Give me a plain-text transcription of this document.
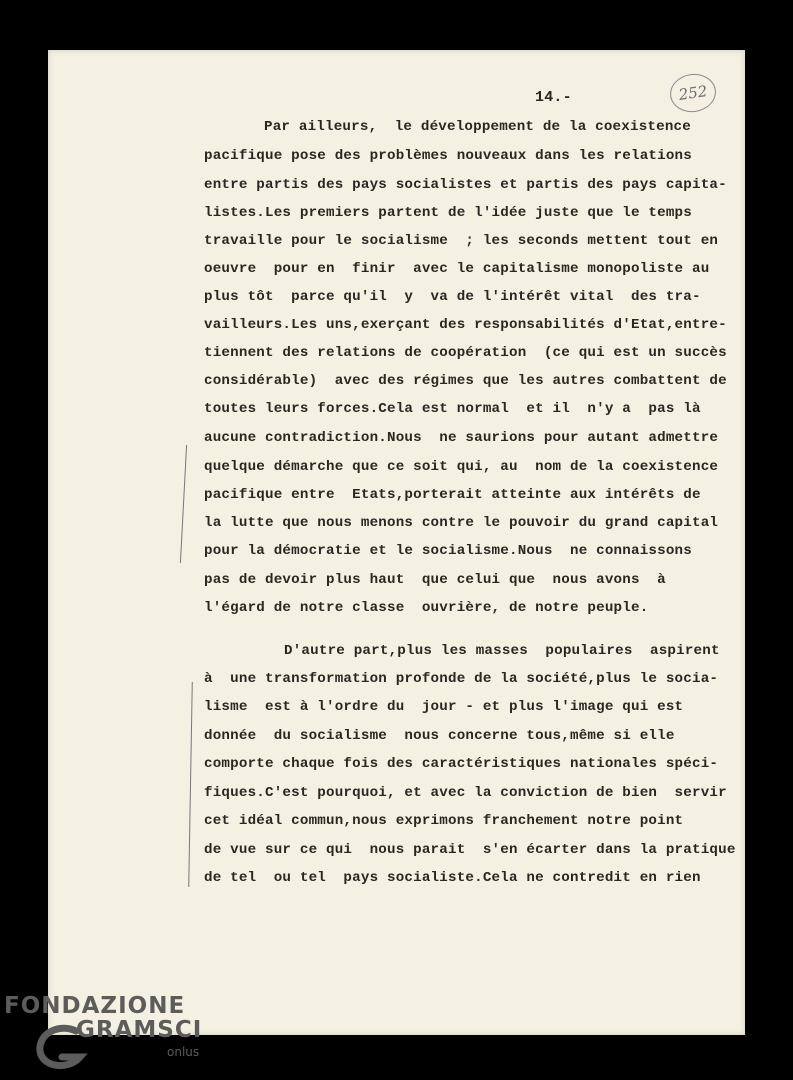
14.-	252
Par ailleurs,  le développement de la coexistence
pacifique pose des problèmes nouveaux dans les relations
entre partis des pays socialistes et partis des pays capita-
listes.Les premiers partent de l'idée juste que le temps
travaille pour le socialisme  ; les seconds mettent tout en
oeuvre  pour en  finir  avec le capitalisme monopoliste au
plus tôt  parce qu'il  y  va de l'intérêt vital  des tra-
vailleurs.Les uns,exerçant des responsabilités d'Etat,entre-
tiennent des relations de coopération  (ce qui est un succès
considérable)  avec des régimes que les autres combattent de
toutes leurs forces.Cela est normal  et il  n'y a  pas là
aucune contradiction.Nous  ne saurions pour autant admettre
quelque démarche que ce soit qui, au  nom de la coexistence
pacifique entre  Etats,porterait atteinte aux intérêts de
la lutte que nous menons contre le pouvoir du grand capital
pour la démocratie et le socialisme.Nous  ne connaissons
pas de devoir plus haut  que celui que  nous avons  à
l'égard de notre classe  ouvrière, de notre peuple.
D'autre part,plus les masses  populaires  aspirent
à  une transformation profonde de la société,plus le socia-
lisme  est à l'ordre du  jour - et plus l'image qui est
donnée  du socialisme  nous concerne tous,même si elle
comporte chaque fois des caractéristiques nationales spéci-
fiques.C'est pourquoi, et avec la conviction de bien  servir
cet idéal commun,nous exprimons franchement notre point
de vue sur ce qui  nous parait  s'en écarter dans la pratique
de tel  ou tel  pays socialiste.Cela ne contredit en rien
FONDAZIONE
GRAMSCI
onlus
